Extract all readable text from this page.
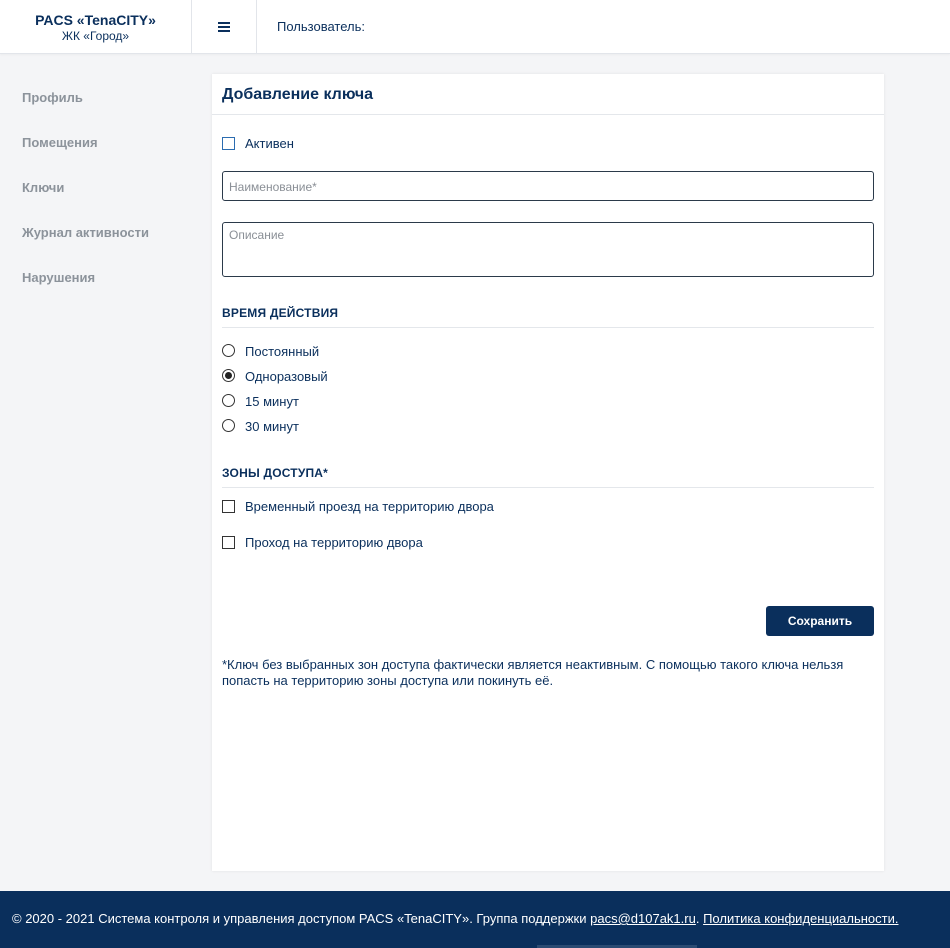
PACS «TenaCITY»
ЖК «Город»
Пользователь:
Профиль
Помещения
Ключи
Журнал активности
Нарушения
Добавление ключа
Активен
Наименование*
Описание
ВРЕМЯ ДЕЙСТВИЯ
Постоянный
Одноразовый
15 минут
30 минут
ЗОНЫ ДОСТУПА*
Временный проезд на территорию двора
Проход на территорию двора
Сохранить
*Ключ без выбранных зон доступа фактически является неактивным. С помощью такого ключа нельзя попасть на территорию зоны доступа или покинуть её.
© 2020 - 2021 Система контроля и управления доступом PACS «TenaCITY». Группа поддержки pacs@d107ak1.ru. Политика конфиденциальности.
